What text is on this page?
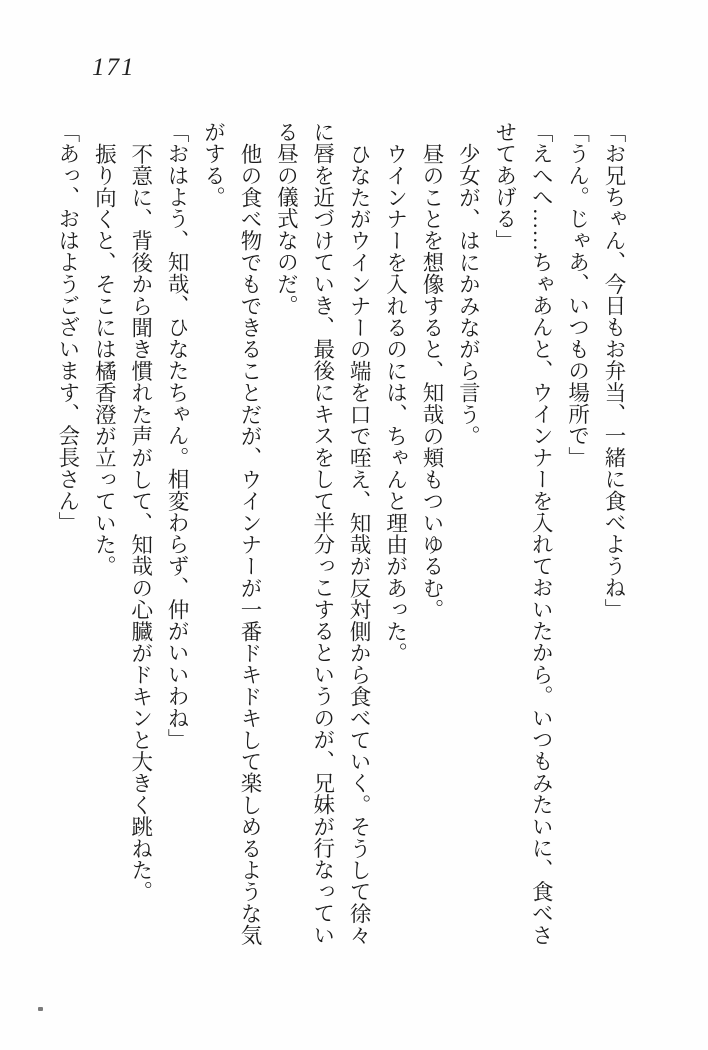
171
「お兄ちゃん、今日もお弁当、一緒に食べようね」
「うん。じゃあ、いつもの場所で」
「えへへ……ちゃあんと、ウインナーを入れておいたから。いつもみたいに、食べさ
せてあげる」
少女が、はにかみながら言う。
昼のことを想像すると、知哉の頬もついゆるむ。
ウインナーを入れるのには、ちゃんと理由があった。
ひなたがウインナーの端を口で咥え、知哉が反対側から食べていく。そうして徐々
に唇を近づけていき、最後にキスをして半分っこするというのが、兄妹が行なってい
る昼の儀式なのだ。
他の食べ物でもできることだが、ウインナーが一番ドキドキして楽しめるような気
がする。
「おはよう、知哉、ひなたちゃん。相変わらず、仲がいいわね」
不意に、背後から聞き慣れた声がして、知哉の心臓がドキンと大きく跳ねた。
振り向くと、そこには橘香澄が立っていた。
「あっ、おはようございます、会長さん」
